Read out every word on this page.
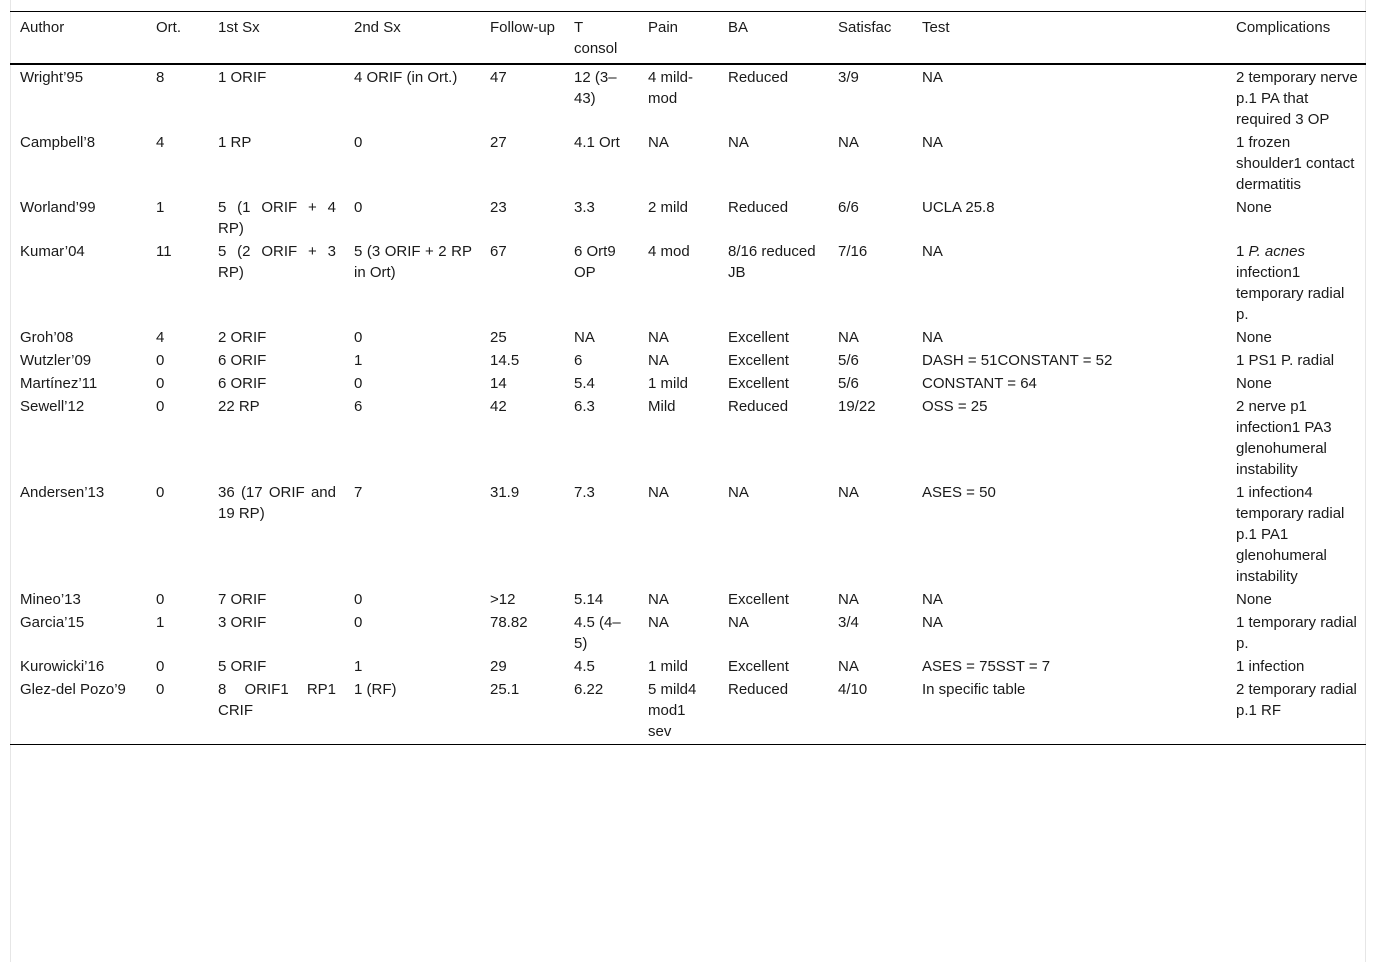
Author	Ort.	1st Sx	2nd Sx	Follow-up	T consol	Pain	BA	Satisfac	Test	Complications
Wright’95	8	1 ORIF	4 ORIF (in Ort.)	47	12 (3–43)	4 mild-mod	Reduced	3/9	NA	2 temporary nerve p.1 PA that required 3 OP
Campbell’8	4	1 RP	0	27	4.1 Ort	NA	NA	NA	NA	1 frozen shoulder1 contact dermatitis
Worland’99	1	5 (1 ORIF + 4 RP)	0	23	3.3	2 mild	Reduced	6/6	UCLA 25.8	None
Kumar’04	11	5 (2 ORIF + 3 RP)	5 (3 ORIF + 2 RP in Ort)	67	6 Ort9 OP	4 mod	8/16 reduced JB	7/16	NA	1 P. acnes infection1 temporary radial p.
Groh’08	4	2 ORIF	0	25	NA	NA	Excellent	NA	NA	None
Wutzler’09	0	6 ORIF	1	14.5	6	NA	Excellent	5/6	DASH = 51CONSTANT = 52	1 PS1 P. radial
Martínez’11	0	6 ORIF	0	14	5.4	1 mild	Excellent	5/6	CONSTANT = 64	None
Sewell’12	0	22 RP	6	42	6.3	Mild	Reduced	19/22	OSS = 25	2 nerve p1 infection1 PA3 glenohumeral instability
Andersen’13	0	36 (17 ORIF and 19 RP)	7	31.9	7.3	NA	NA	NA	ASES = 50	1 infection4 temporary radial p.1 PA1 glenohumeral instability
Mineo’13	0	7 ORIF	0	>12	5.14	NA	Excellent	NA	NA	None
Garcia’15	1	3 ORIF	0	78.82	4.5 (4–5)	NA	NA	3/4	NA	1 temporary radial p.
Kurowicki’16	0	5 ORIF	1	29	4.5	1 mild	Excellent	NA	ASES = 75SST = 7	1 infection
Glez-del Pozo’9	0	8 ORIF1 RP1 CRIF	1 (RF)	25.1	6.22	5 mild4 mod1 sev	Reduced	4/10	In specific table	2 temporary radial p.1 RF
